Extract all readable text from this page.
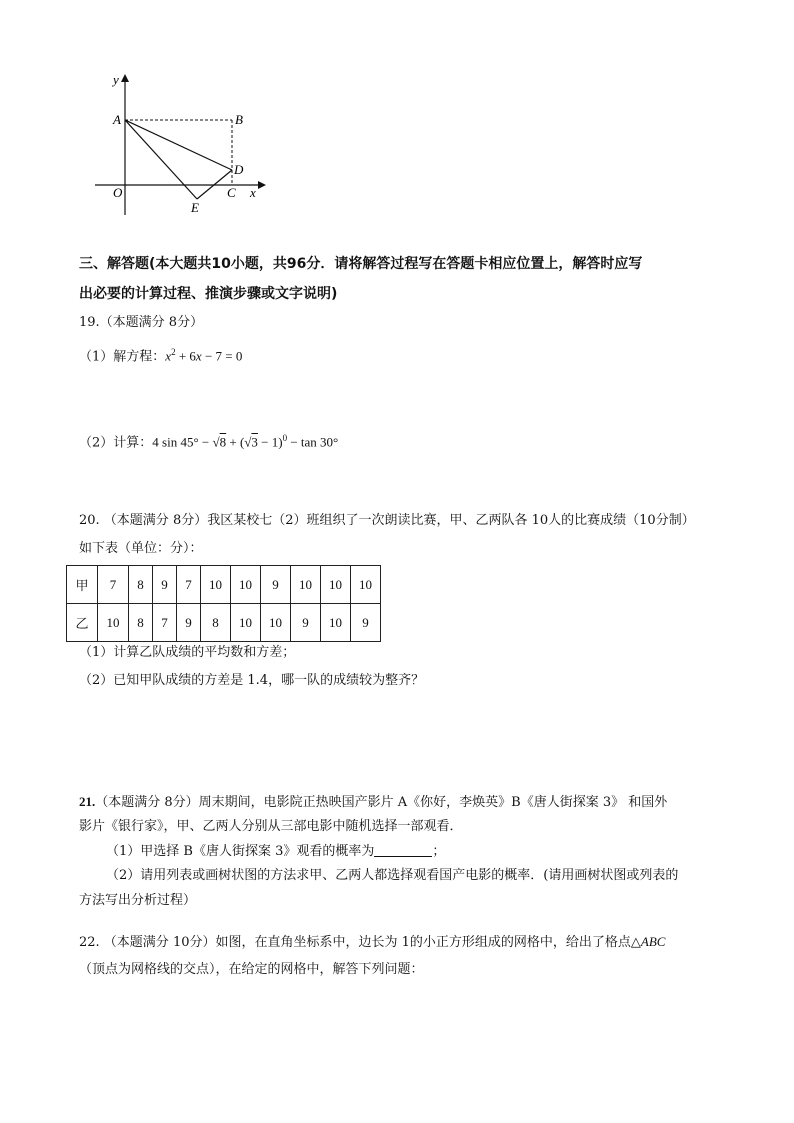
y
A	B
D
O	C x
E
三、解答题(本大题共10小题，共96分．请将解答过程写在答题卡相应位置上，解答时应写
出必要的计算过程、推演步骤或文字说明)
19.（本题满分 8分）
（1）解方程：$x^2 + 6x - 7 = 0$
（2）计算：4 $\sin 45^\circ - √8 + (√3 - 1)^0 - \tan 30^\circ$
20. （本题满分 8分）我区某校七（2）班组织了一次朗读比赛，甲、乙两队各 10人的比赛成绩（10分制）
如下表（单位：分）：
甲	7	8	9	7	10	10	9	10	10	10
乙	10	8	7	9	8	10	10	9	10	9
（1）计算乙队成绩的平均数和方差；
（2）已知甲队成绩的方差是 1.4，哪一队的成绩较为整齐？
21.（本题满分 8分）周末期间，电影院正热映国产影片 A《你好，李焕英》B《唐人街探案 3》 和国外
影片《银行家》，甲、乙两人分别从三部电影中随机选择一部观看．
（1）甲选择 B《唐人街探案 3》观看的概率为	；
（2）请用列表或画树状图的方法求甲、乙两人都选择观看国产电影的概率．(请用画树状图或列表的
方法写出分析过程）
22. （本题满分 10分）如图，在直角坐标系中，边长为 1的小正方形组成的网格中，给出了格点△ABC
（顶点为网格线的交点），在给定的网格中，解答下列问题：
